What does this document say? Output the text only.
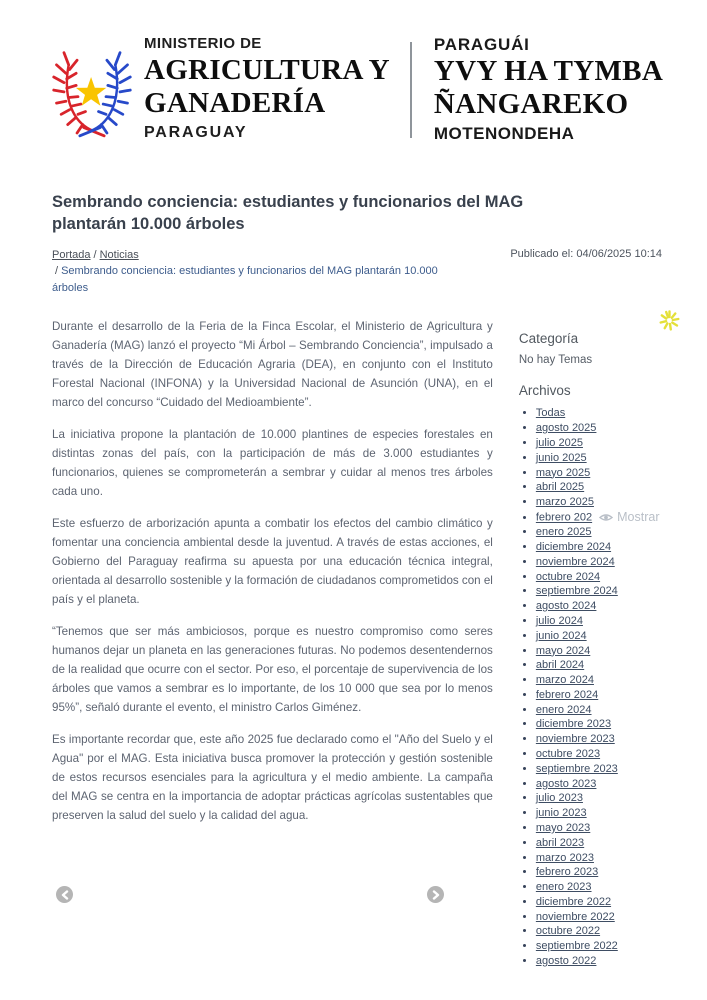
MINISTERIO DE
AGRICULTURA Y
GANADERÍA
PARAGUAY
PARAGUÁI
YVY HA TYMBA
ÑANGAREKO
MOTENONDEHA
Sembrando conciencia: estudiantes y funcionarios del MAG plantarán 10.000 árboles
Portada / Noticias
/ Sembrando conciencia: estudiantes y funcionarios del MAG plantarán 10.000 árboles
Publicado el: 04/06/2025 10:14

Durante el desarrollo de la Feria de la Finca Escolar, el Ministerio de Agricultura y Ganadería (MAG) lanzó el proyecto “Mi Árbol – Sembrando Conciencia”, impulsado a través de la Dirección de Educación Agraria (DEA), en conjunto con el Instituto Forestal Nacional (INFONA) y la Universidad Nacional de Asunción (UNA), en el marco del concurso “Cuidado del Medioambiente”.

La iniciativa propone la plantación de 10.000 plantines de especies forestales en distintas zonas del país, con la participación de más de 3.000 estudiantes y funcionarios, quienes se comprometerán a sembrar y cuidar al menos tres árboles cada uno.

Este esfuerzo de arborización apunta a combatir los efectos del cambio climático y fomentar una conciencia ambiental desde la juventud. A través de estas acciones, el Gobierno del Paraguay reafirma su apuesta por una educación técnica integral, orientada al desarrollo sostenible y la formación de ciudadanos comprometidos con el país y el planeta.

“Tenemos que ser más ambiciosos, porque es nuestro compromiso como seres humanos dejar un planeta en las generaciones futuras. No podemos desentendernos de la realidad que ocurre con el sector. Por eso, el porcentaje de supervivencia de los árboles que vamos a sembrar es lo importante, de los 10 000 que sea por lo menos 95%”, señaló durante el evento, el ministro Carlos Giménez.

Es importante recordar que, este año 2025 fue declarado como el "Año del Suelo y el Agua" por el MAG. Esta iniciativa busca promover la protección y gestión sostenible de estos recursos esenciales para la agricultura y el medio ambiente. La campaña del MAG se centra en la importancia de adoptar prácticas agrícolas sustentables que preserven la salud del suelo y la calidad del agua.

Categoría

No hay Temas

Archivos
• Todas
• agosto 2025
• julio 2025
• junio 2025
• mayo 2025
• abril 2025
• marzo 2025
• febrero 202 Mostrar
• enero 2025
• diciembre 2024
• noviembre 2024
• octubre 2024
• septiembre 2024
• agosto 2024
• julio 2024
• junio 2024
• mayo 2024
• abril 2024
• marzo 2024
• febrero 2024
• enero 2024
• diciembre 2023
• noviembre 2023
• octubre 2023
• septiembre 2023
• agosto 2023
• julio 2023
• junio 2023
• mayo 2023
• abril 2023
• marzo 2023
• febrero 2023
• enero 2023
• diciembre 2022
• noviembre 2022
• octubre 2022
• septiembre 2022
• agosto 2022
